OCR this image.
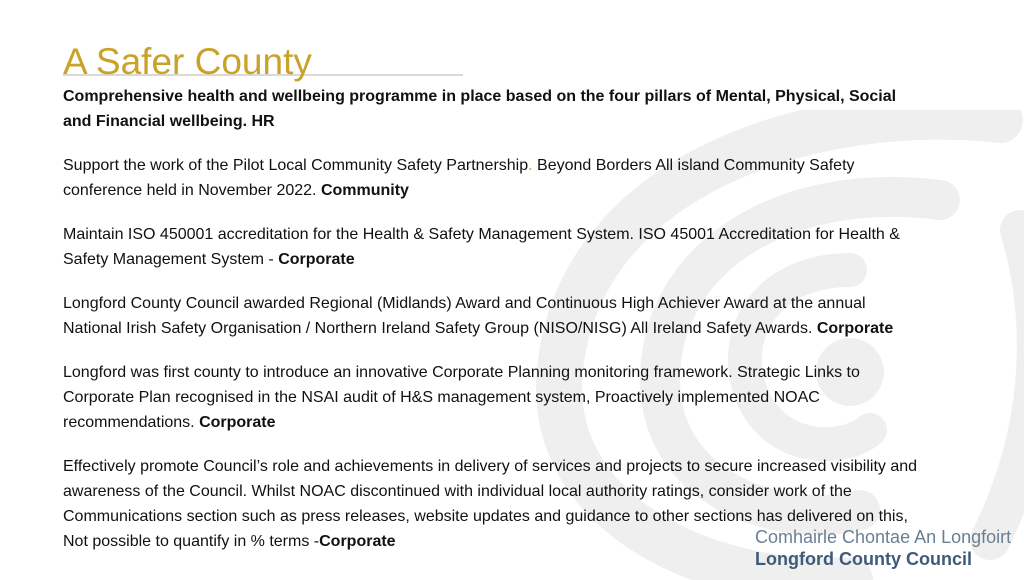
A Safer County

Comprehensive health and wellbeing programme in place based on the four pillars of Mental, Physical, Social and Financial wellbeing. HR

Support the work of the Pilot Local Community Safety Partnership. Beyond Borders All island Community Safety conference held in November 2022. Community

Maintain ISO 450001 accreditation for the Health & Safety Management System. ISO 45001 Accreditation for Health & Safety Management System - Corporate

Longford County Council awarded Regional (Midlands) Award and Continuous High Achiever Award at the annual National Irish Safety Organisation / Northern Ireland Safety Group (NISO/NISG) All Ireland Safety Awards. Corporate

Longford was first county to introduce an innovative Corporate Planning monitoring framework. Strategic Links to Corporate Plan recognised in the NSAI audit of H&S management system, Proactively implemented NOAC recommendations. Corporate

Effectively promote Council’s role and achievements in delivery of services and projects to secure increased visibility and awareness of the Council. Whilst NOAC discontinued with individual local authority ratings, consider work of the Communications section such as press releases, website updates and guidance to other sections has delivered on this, Not possible to quantify in % terms -Corporate	Comhairle Chontae An Longfoirt
Longford County Council
